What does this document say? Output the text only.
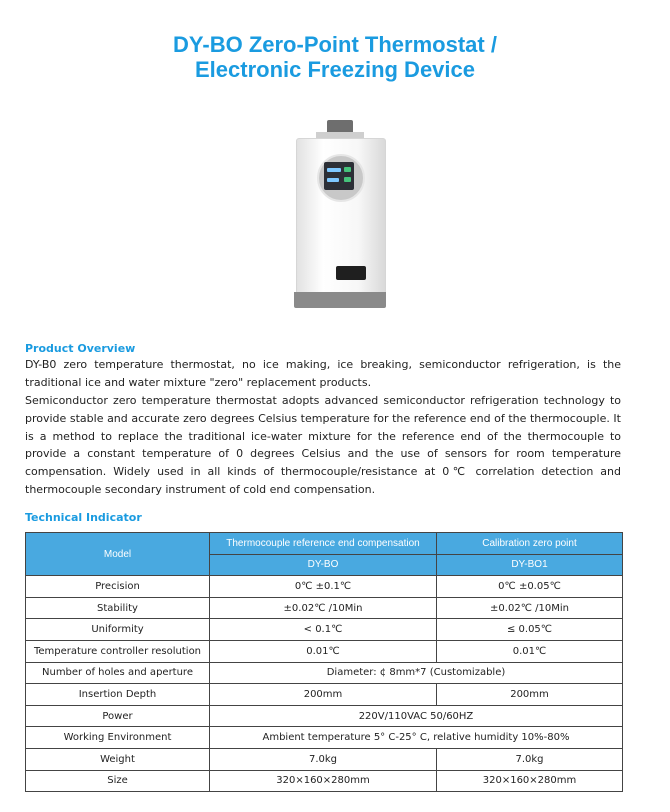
DY-BO Zero-Point Thermostat /
Electronic Freezing Device
Product Overview
DY-B0 zero temperature thermostat, no ice making, ice breaking, semiconductor refrigeration, is the traditional ice and water mixture "zero" replacement products.
Semiconductor zero temperature thermostat adopts advanced semiconductor refrigeration technology to provide stable and accurate zero degrees Celsius temperature for the reference end of the thermocouple. It is a method to replace the traditional ice-water mixture for the reference end of the thermocouple to provide a constant temperature of 0 degrees Celsius and the use of sensors for room temperature compensation. Widely used in all kinds of thermocouple/resistance at 0℃ correlation detection and thermocouple secondary instrument of cold end compensation.
Technical Indicator
Model	Thermocouple reference end compensation	Calibration zero point
	DY-BO	DY-BO1
Precision	0℃ ±0.1℃	0℃ ±0.05℃
Stability	±0.02℃ /10Min	±0.02℃ /10Min
Uniformity	< 0.1℃	≤ 0.05℃
Temperature controller resolution	0.01℃	0.01℃
Number of holes and aperture	Diameter: ¢ 8mm*7 (Customizable)	
Insertion Depth	200mm	200mm
Power	220V/110VAC 50/60HZ	
Working Environment	Ambient temperature 5° C-25° C, relative humidity 10%-80%	
Weight	7.0kg	7.0kg
Size	320×160×280mm	320×160×280mm
